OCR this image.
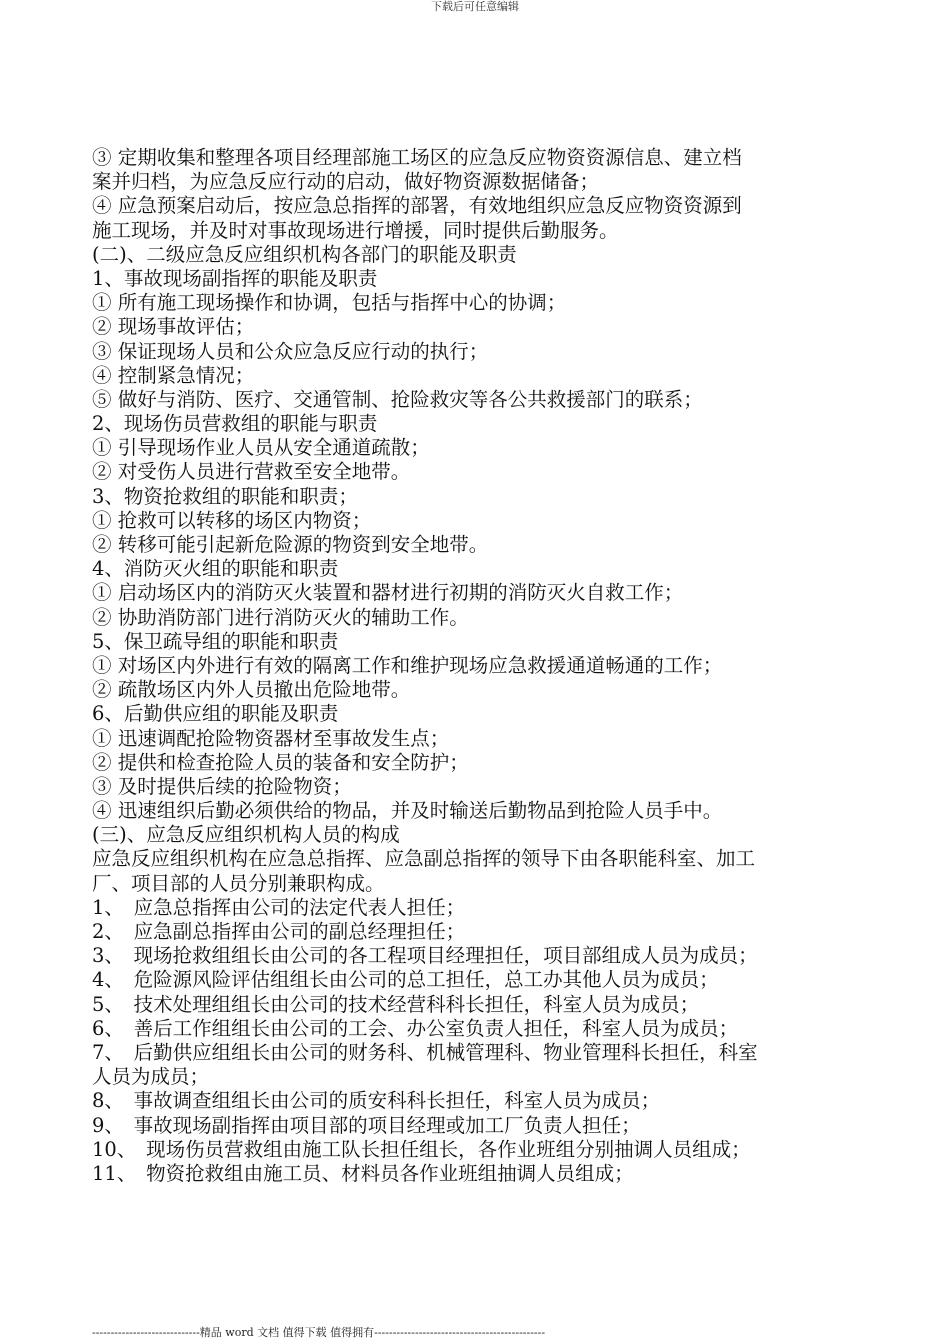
下载后可任意编辑
③ 定期收集和整理各项目经理部施工场区的应急反应物资资源信息、建立档
案并归档，为应急反应行动的启动，做好物资源数据储备；
④ 应急预案启动后，按应急总指挥的部署，有效地组织应急反应物资资源到
施工现场，并及时对事故现场进行增援，同时提供后勤服务。
(二)、二级应急反应组织机构各部门的职能及职责
1、事故现场副指挥的职能及职责
① 所有施工现场操作和协调，包括与指挥中心的协调；
② 现场事故评估；
③ 保证现场人员和公众应急反应行动的执行；
④ 控制紧急情况；
⑤ 做好与消防、医疗、交通管制、抢险救灾等各公共救援部门的联系；
2、现场伤员营救组的职能与职责
① 引导现场作业人员从安全通道疏散；
② 对受伤人员进行营救至安全地带。
3、物资抢救组的职能和职责；
① 抢救可以转移的场区内物资；
② 转移可能引起新危险源的物资到安全地带。
4、消防灭火组的职能和职责
① 启动场区内的消防灭火装置和器材进行初期的消防灭火自救工作；
② 协助消防部门进行消防灭火的辅助工作。
5、保卫疏导组的职能和职责
① 对场区内外进行有效的隔离工作和维护现场应急救援通道畅通的工作；
② 疏散场区内外人员撤出危险地带。
6、后勤供应组的职能及职责
① 迅速调配抢险物资器材至事故发生点；
② 提供和检查抢险人员的装备和安全防护；
③ 及时提供后续的抢险物资；
④ 迅速组织后勤必须供给的物品，并及时输送后勤物品到抢险人员手中。
(三)、应急反应组织机构人员的构成
应急反应组织机构在应急总指挥、应急副总指挥的领导下由各职能科室、加工
厂、项目部的人员分别兼职构成。
1、　应急总指挥由公司的法定代表人担任；
2、　应急副总指挥由公司的副总经理担任；
3、　现场抢救组组长由公司的各工程项目经理担任，项目部组成人员为成员；
4、　危险源风险评估组组长由公司的总工担任，总工办其他人员为成员；
5、　技术处理组组长由公司的技术经营科科长担任，科室人员为成员；
6、　善后工作组组长由公司的工会、办公室负责人担任，科室人员为成员；
7、　后勤供应组组长由公司的财务科、机械管理科、物业管理科长担任，科室
人员为成员；
8、　事故调查组组长由公司的质安科科长担任，科室人员为成员；
9、　事故现场副指挥由项目部的项目经理或加工厂负责人担任；
10、　现场伤员营救组由施工队长担任组长，各作业班组分别抽调人员组成；
11、　物资抢救组由施工员、材料员各作业班组抽调人员组成；
-----------------------------精品 word 文档 值得下载 值得拥有----------------------------------------------
